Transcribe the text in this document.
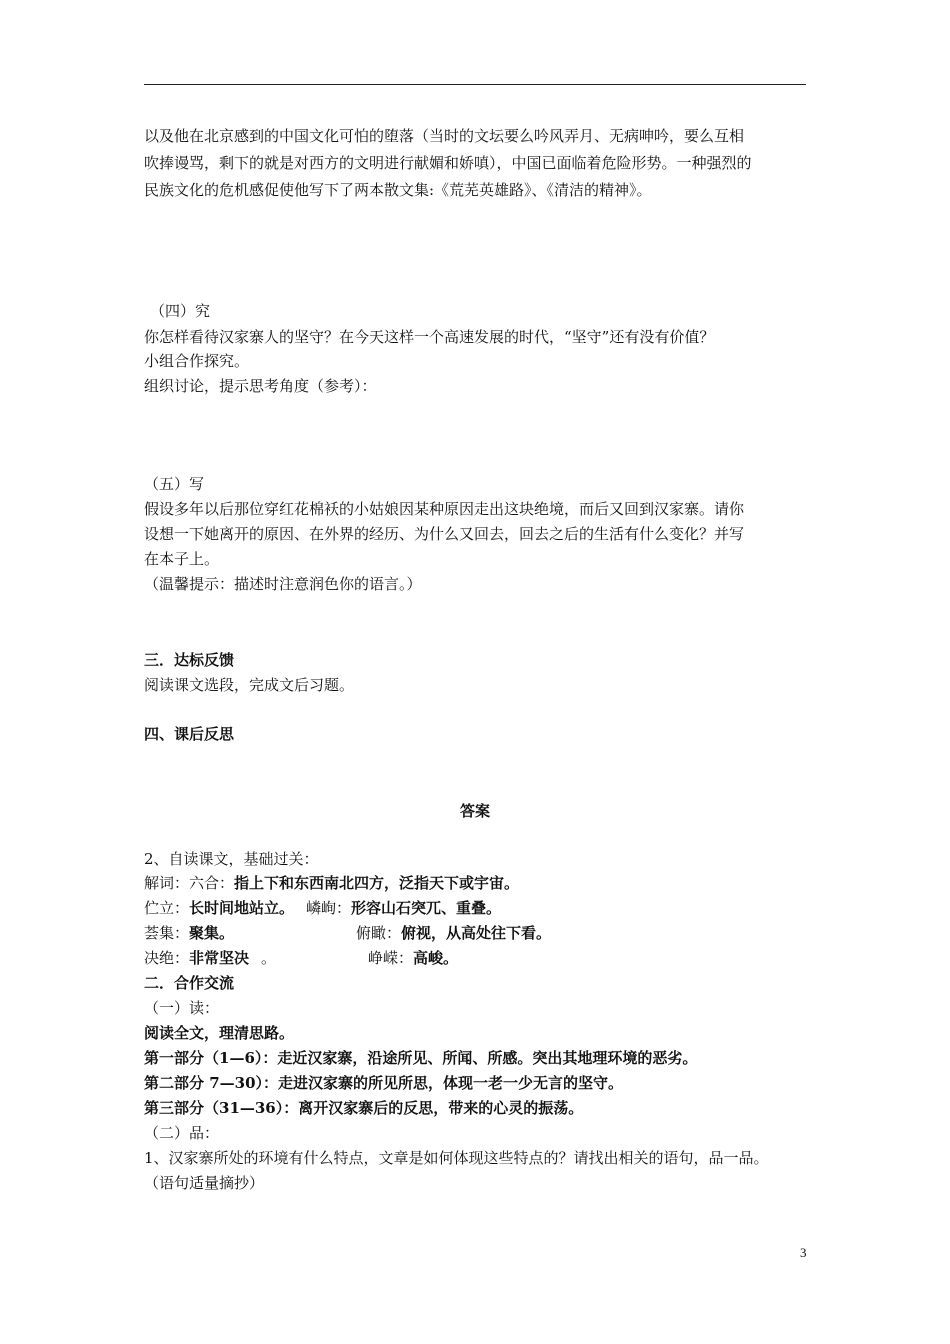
以及他在北京感到的中国文化可怕的堕落（当时的文坛要么吟风弄月、无病呻吟，要么互相
吹捧谩骂，剩下的就是对西方的文明进行献媚和娇嗔），中国已面临着危险形势。一种强烈的
民族文化的危机感促使他写下了两本散文集:《荒芜英雄路》、《清洁的精神》。
（四）究
你怎样看待汉家寨人的坚守？在今天这样一个高速发展的时代，“坚守”还有没有价值？
小组合作探究。
组织讨论，提示思考角度（参考）：
（五）写
假设多年以后那位穿红花棉袄的小姑娘因某种原因走出这块绝境，而后又回到汉家寨。请你
设想一下她离开的原因、在外界的经历、为什么又回去，回去之后的生活有什么变化？并写
在本子上。
（温馨提示：描述时注意润色你的语言。）
三．达标反馈
阅读课文选段，完成文后习题。
四、课后反思
答案
2、自读课文，基础过关：
解词：六合：指上下和东西南北四方，泛指天下或宇宙。
伫立：长时间地站立。 嶙峋：形容山石突兀、重叠。
荟集：聚集。	俯瞰：俯视，从高处往下看。
决绝：非常坚决 。	峥嵘：高峻。
二．合作交流
（一）读：
阅读全文，理清思路。
第一部分（1—6）：走近汉家寨，沿途所见、所闻、所感。突出其地理环境的恶劣。
第二部分 7—30）：走进汉家寨的所见所思，体现一老一少无言的坚守。
第三部分（31—36）：离开汉家寨后的反思，带来的心灵的振荡。
（二）品：
1、汉家寨所处的环境有什么特点，文章是如何体现这些特点的？请找出相关的语句，品一品。
（语句适量摘抄）
3
